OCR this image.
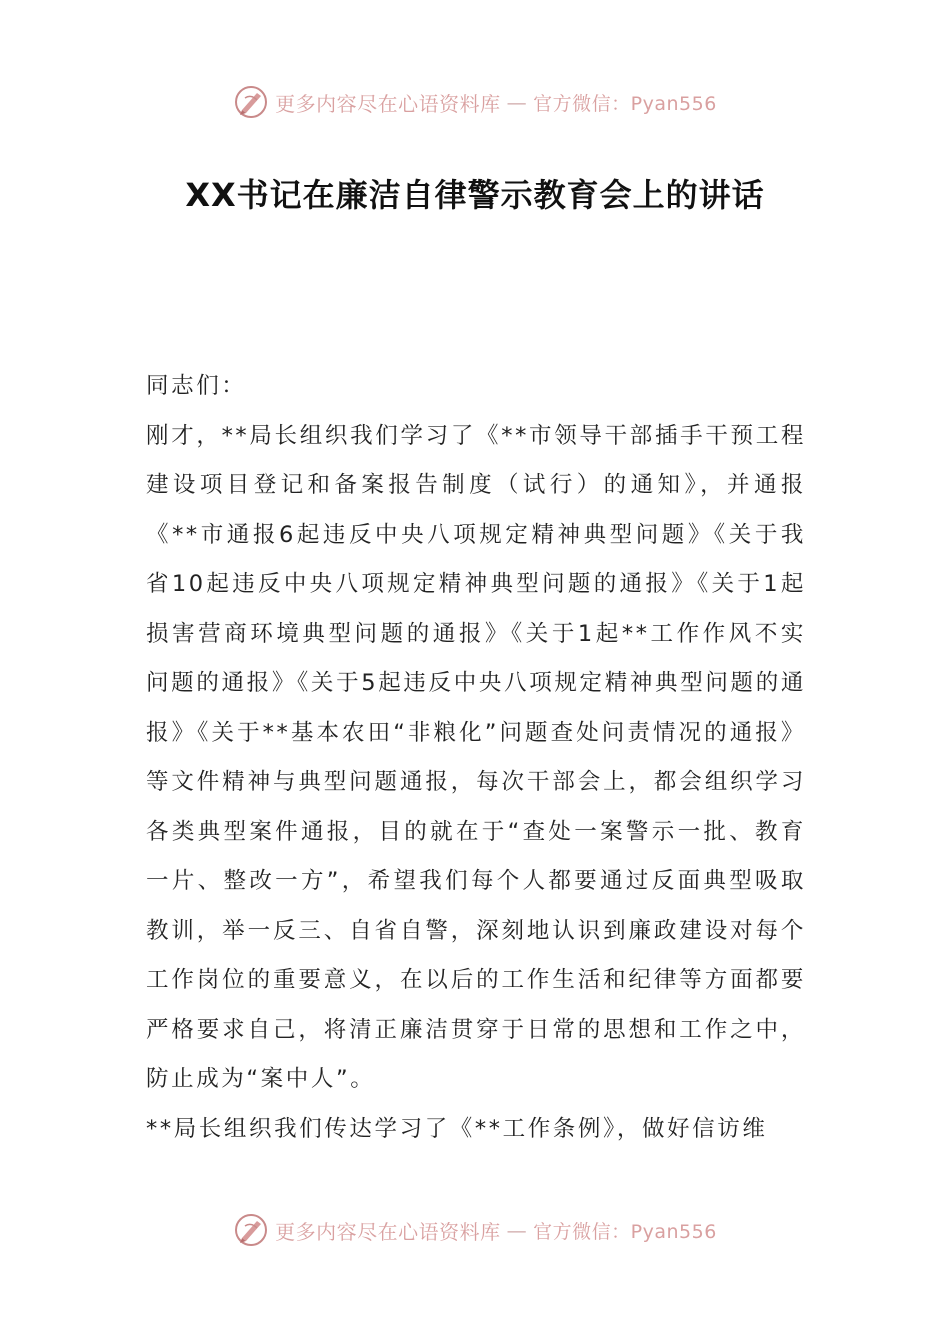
更多内容尽在心语资料库 — 官方微信：Pyan556
XX书记在廉洁自律警示教育会上的讲话

同志们：

刚才，**局长组织我们学习了《**市领导干部插手干预工程建设项目登记和备案报告制度（试行）的通知》，并通报《**市通报6起违反中央八项规定精神典型问题》《关于我省10起违反中央八项规定精神典型问题的通报》《关于1起损害营商环境典型问题的通报》《关于1起**工作作风不实问题的通报》《关于5起违反中央八项规定精神典型问题的通报》《关于**基本农田“非粮化”问题查处问责情况的通报》等文件精神与典型问题通报，每次干部会上，都会组织学习各类典型案件通报，目的就在于“查处一案警示一批、教育一片、整改一方”，希望我们每个人都要通过反面典型吸取教训，举一反三、自省自警，深刻地认识到廉政建设对每个工作岗位的重要意义，在以后的工作生活和纪律等方面都要严格要求自己，将清正廉洁贯穿于日常的思想和工作之中， 防止成为“案中人”。

**局长组织我们传达学习了《**工作条例》，做好信访维

更多内容尽在心语资料库 — 官方微信：Pyan556
